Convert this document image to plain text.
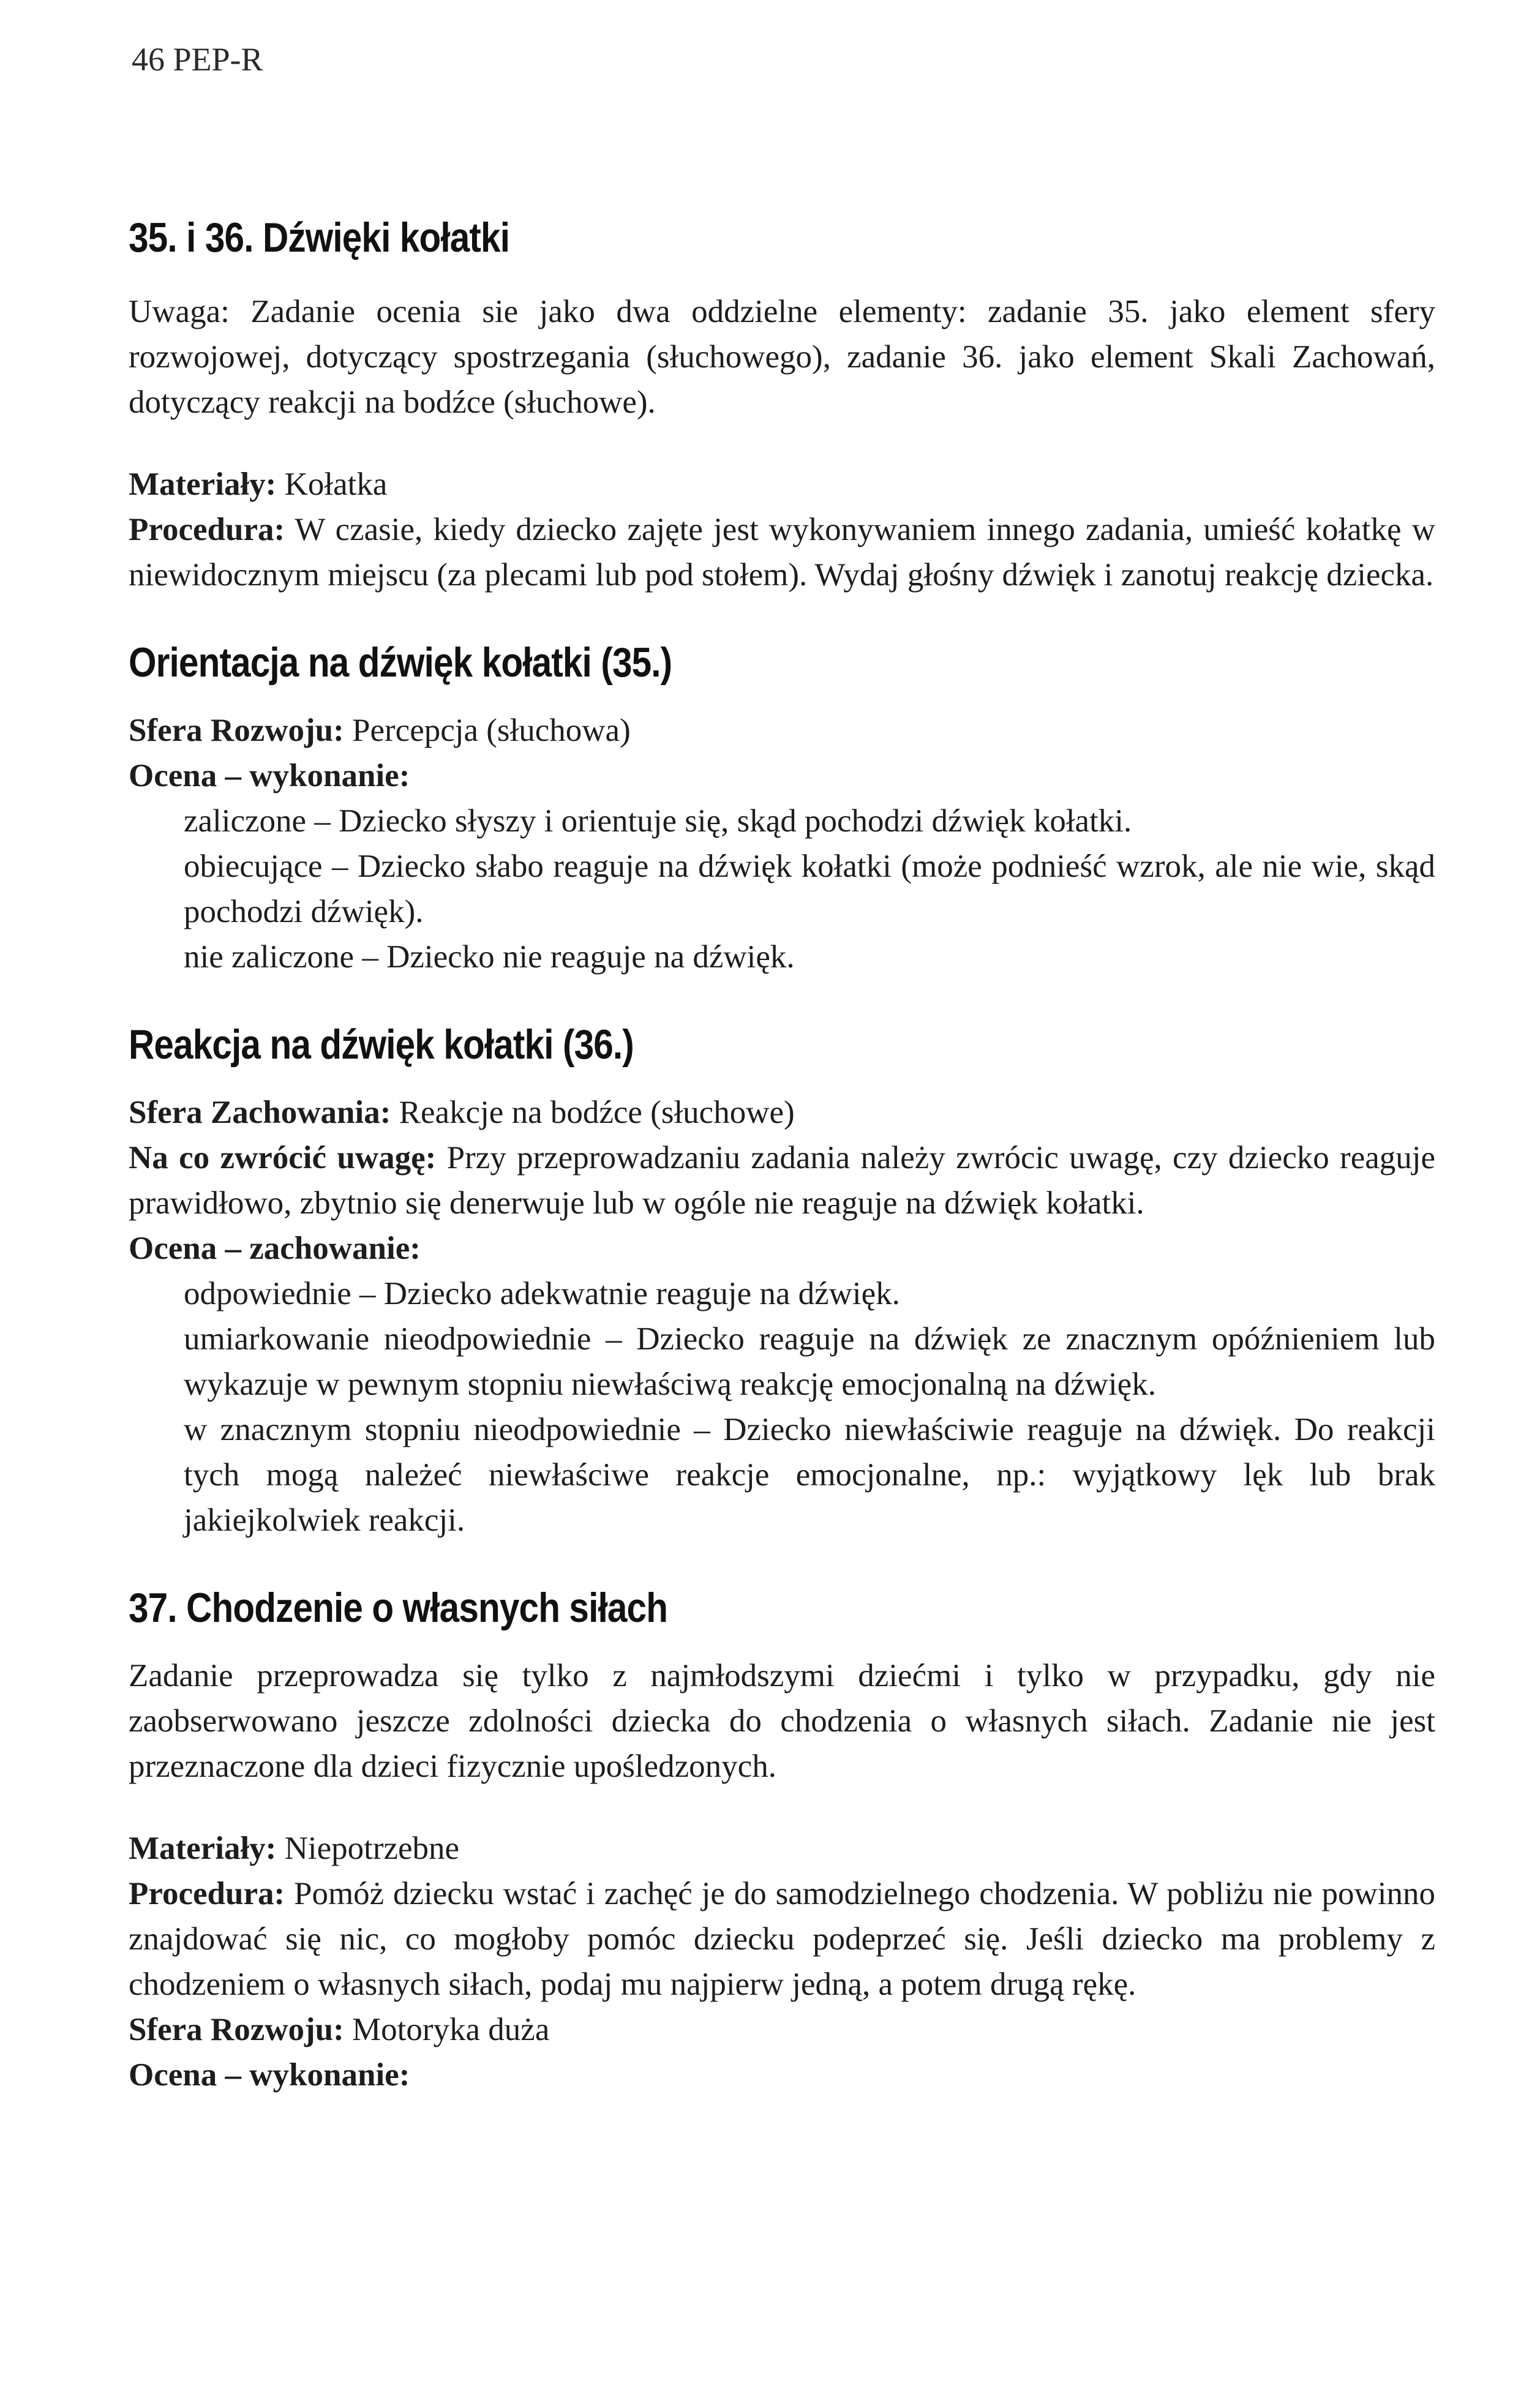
46 PEP-R
35. i 36. Dźwięki kołatki

Uwaga: Zadanie ocenia sie jako dwa oddzielne elementy: zadanie 35. jako element sfery rozwojowej, dotyczący spostrzegania (słuchowego), zadanie 36. jako element Skali Zachowań, dotyczący reakcji na bodźce (słuchowe).

Materiały: Kołatka

Procedura: W czasie, kiedy dziecko zajęte jest wykonywaniem innego zadania, umieść kołatkę w niewidocznym miejscu (za plecami lub pod stołem). Wydaj głośny dźwięk i zanotuj reakcję dziecka.

Orientacja na dźwięk kołatki (35.)

Sfera Rozwoju: Percepcja (słuchowa)

Ocena – wykonanie:

zaliczone – Dziecko słyszy i orientuje się, skąd pochodzi dźwięk kołatki.

obiecujące – Dziecko słabo reaguje na dźwięk kołatki (może podnieść wzrok, ale nie wie, skąd pochodzi dźwięk).

nie zaliczone – Dziecko nie reaguje na dźwięk.

Reakcja na dźwięk kołatki (36.)

Sfera Zachowania: Reakcje na bodźce (słuchowe)

Na co zwrócić uwagę: Przy przeprowadzaniu zadania należy zwrócic uwagę, czy dziecko reaguje prawidłowo, zbytnio się denerwuje lub w ogóle nie reaguje na dźwięk kołatki.

Ocena – zachowanie:

odpowiednie – Dziecko adekwatnie reaguje na dźwięk.

umiarkowanie nieodpowiednie – Dziecko reaguje na dźwięk ze znacznym opóźnieniem lub wykazuje w pewnym stopniu niewłaściwą reakcję emocjonalną na dźwięk.

w znacznym stopniu nieodpowiednie – Dziecko niewłaściwie reaguje na dźwięk. Do reakcji tych mogą należeć niewłaściwe reakcje emocjonalne, np.: wyjątkowy lęk lub brak jakiejkolwiek reakcji.

37. Chodzenie o własnych siłach

Zadanie przeprowadza się tylko z najmłodszymi dziećmi i tylko w przypadku, gdy nie zaobserwowano jeszcze zdolności dziecka do chodzenia o własnych siłach. Zadanie nie jest przeznaczone dla dzieci fizycznie upośledzonych.

Materiały: Niepotrzebne

Procedura: Pomóż dziecku wstać i zachęć je do samodzielnego chodzenia. W pobliżu nie powinno znajdować się nic, co mogłoby pomóc dziecku podeprzeć się. Jeśli dziecko ma problemy z chodzeniem o własnych siłach, podaj mu najpierw jedną, a potem drugą rękę.

Sfera Rozwoju: Motoryka duża

Ocena – wykonanie:
